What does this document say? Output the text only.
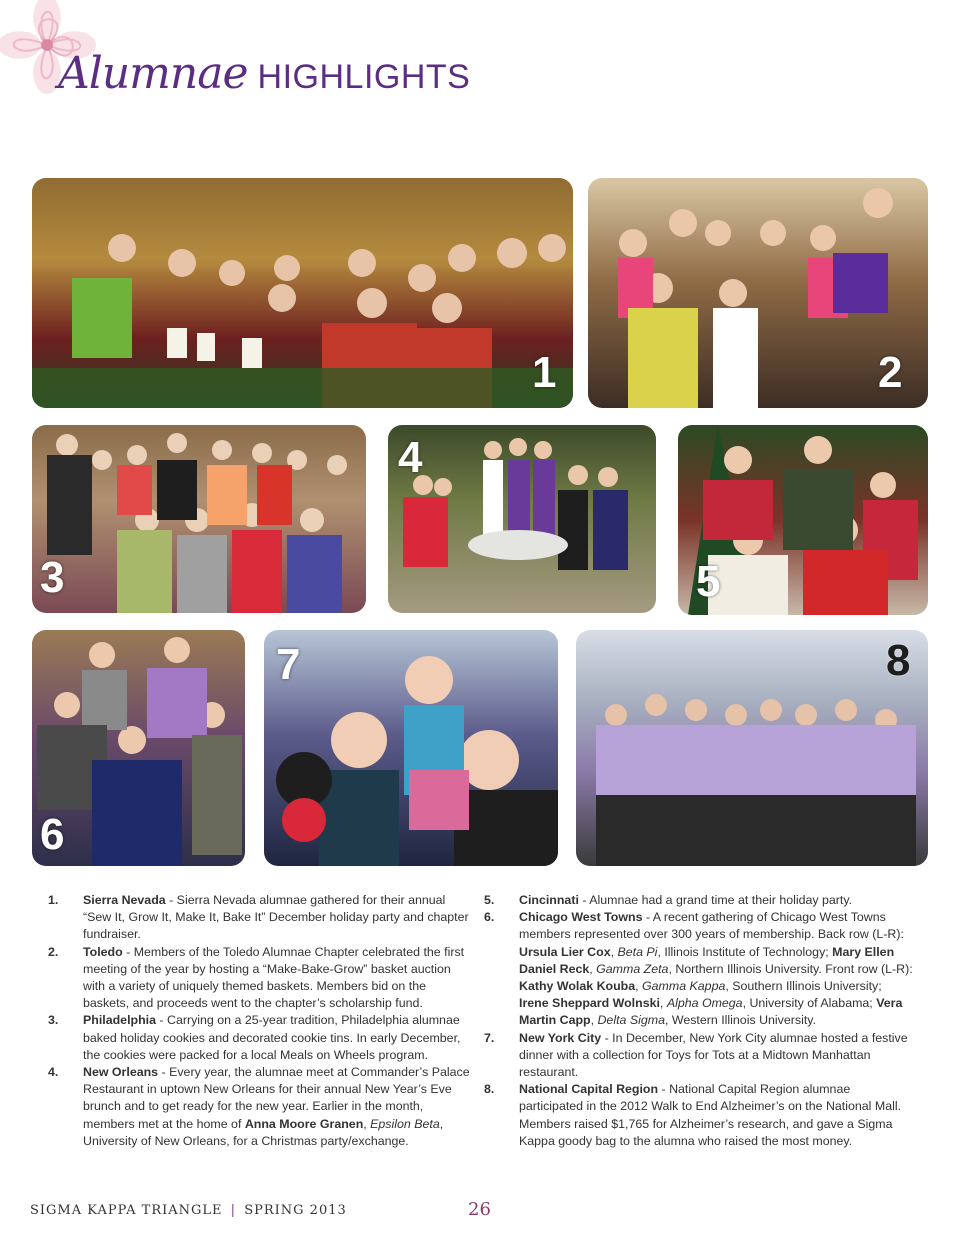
Alumnae HIGHLIGHTS
1	2
3
4
5
6
7	8
1.	Sierra Nevada - Sierra Nevada alumnae gathered for their annual “Sew It, Grow It, Make It, Bake It” December holiday party and chapter fundraiser.
2.	Toledo - Members of the Toledo Alumnae Chapter celebrated the first meeting of the year by hosting a “Make-Bake-Grow” basket auction with a variety of uniquely themed baskets. Members bid on the baskets, and proceeds went to the chapter’s scholarship fund.
3.	Philadelphia - Carrying on a 25-year tradition, Philadelphia alumnae baked holiday cookies and decorated cookie tins. In early December, the cookies were packed for a local Meals on Wheels program.
4.	New Orleans - Every year, the alumnae meet at Commander’s Palace Restaurant in uptown New Orleans for their annual New Year’s Eve brunch and to get ready for the new year. Earlier in the month, members met at the home of Anna Moore Granen, Epsilon Beta, University of New Orleans, for a Christmas party/exchange.
5.	Cincinnati - Alumnae had a grand time at their holiday party.
6.	Chicago West Towns - A recent gathering of Chicago West Towns members represented over 300 years of membership. Back row (L-R): Ursula Lier Cox, Beta Pi, Illinois Institute of Technology; Mary Ellen Daniel Reck, Gamma Zeta, Northern Illinois University. Front row (L-R): Kathy Wolak Kouba, Gamma Kappa, Southern Illinois University; Irene Sheppard Wolnski, Alpha Omega, University of Alabama; Vera Martin Capp, Delta Sigma, Western Illinois University.
7.	New York City - In December, New York City alumnae hosted a festive dinner with a collection for Toys for Tots at a Midtown Manhattan restaurant.
8.	National Capital Region - National Capital Region alumnae participated in the 2012 Walk to End Alzheimer’s on the National Mall. Members raised $1,765 for Alzheimer’s research, and gave a Sigma Kappa goody bag to the alumna who raised the most money.
SIGMA KAPPA TRIANGLE | SPRING 2013	26
